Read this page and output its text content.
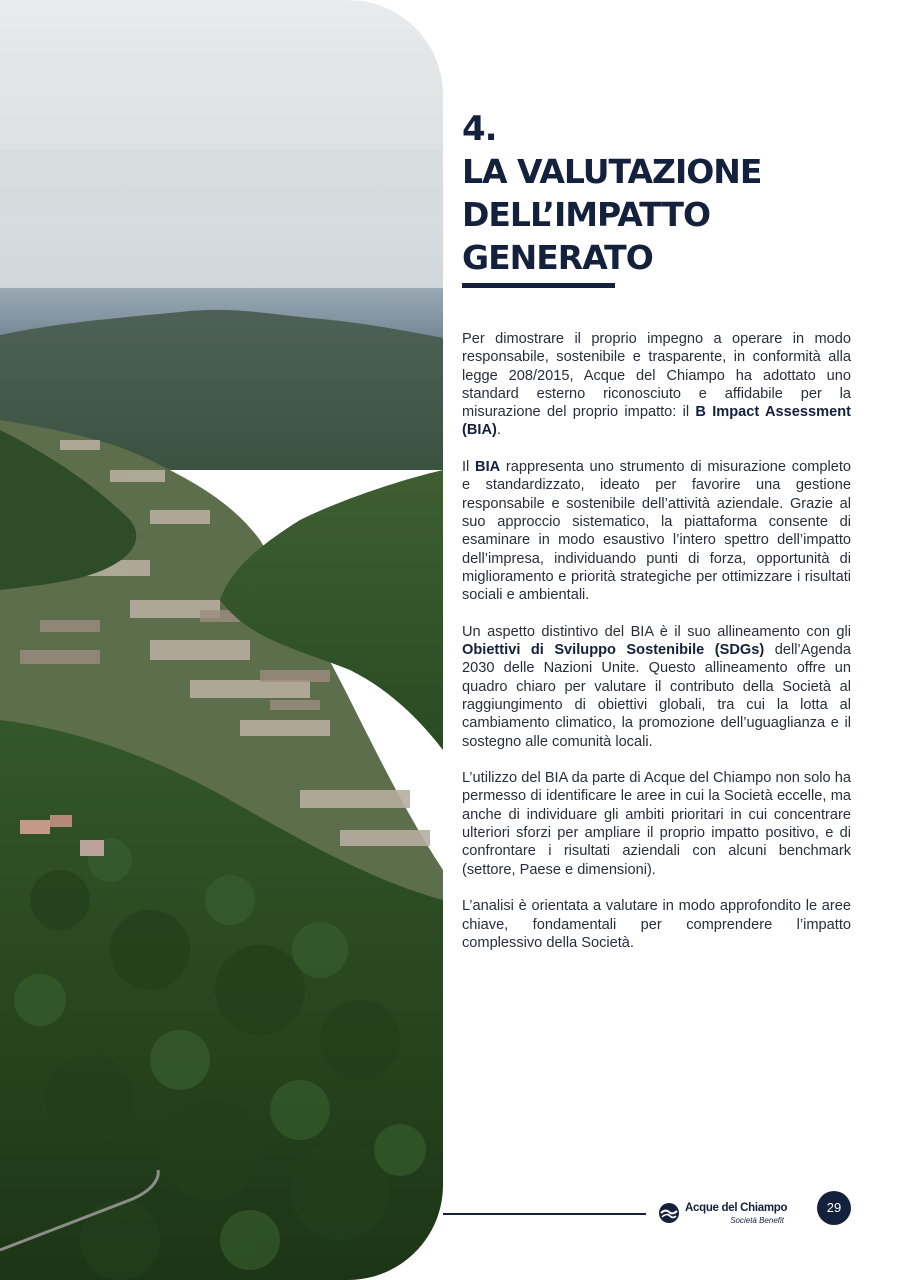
4.
LA VALUTAZIONE
DELL’IMPATTO
GENERATO

Per dimostrare il proprio impegno a operare in modo responsabile, sostenibile e trasparente, in conformità alla legge 208/2015, Acque del Chiampo ha adottato uno standard esterno riconosciuto e affidabile per la misurazione del proprio impatto: il B Impact Assessment (BIA).

Il BIA rappresenta uno strumento di misurazione completo e standardizzato, ideato per favorire una gestione responsabile e sostenibile dell’attività aziendale. Grazie al suo approccio sistematico, la piattaforma consente di esaminare in modo esaustivo l’intero spettro dell’impatto dell’impresa, individuando punti di forza, opportunità di miglioramento e priorità strategiche per ottimizzare i risultati sociali e ambientali.

Un aspetto distintivo del BIA è il suo allineamento con gli Obiettivi di Sviluppo Sostenibile (SDGs) dell’Agenda 2030 delle Nazioni Unite. Questo allineamento offre un quadro chiaro per valutare il contributo della Società al raggiungimento di obiettivi globali, tra cui la lotta al cambiamento climatico, la promozione dell’uguaglianza e il sostegno alle comunità locali.

L’utilizzo del BIA da parte di Acque del Chiampo non solo ha permesso di identificare le aree in cui la Società eccelle, ma anche di individuare gli ambiti prioritari in cui concentrare ulteriori sforzi per ampliare il proprio impatto positivo, e di confrontare i risultati aziendali con alcuni benchmark (settore, Paese e dimensioni).

L’analisi è orientata a valutare in modo approfondito le aree chiave, fondamentali per comprendere l’impatto complessivo della Società.

Acque del Chiampo
Società Benefit
29
